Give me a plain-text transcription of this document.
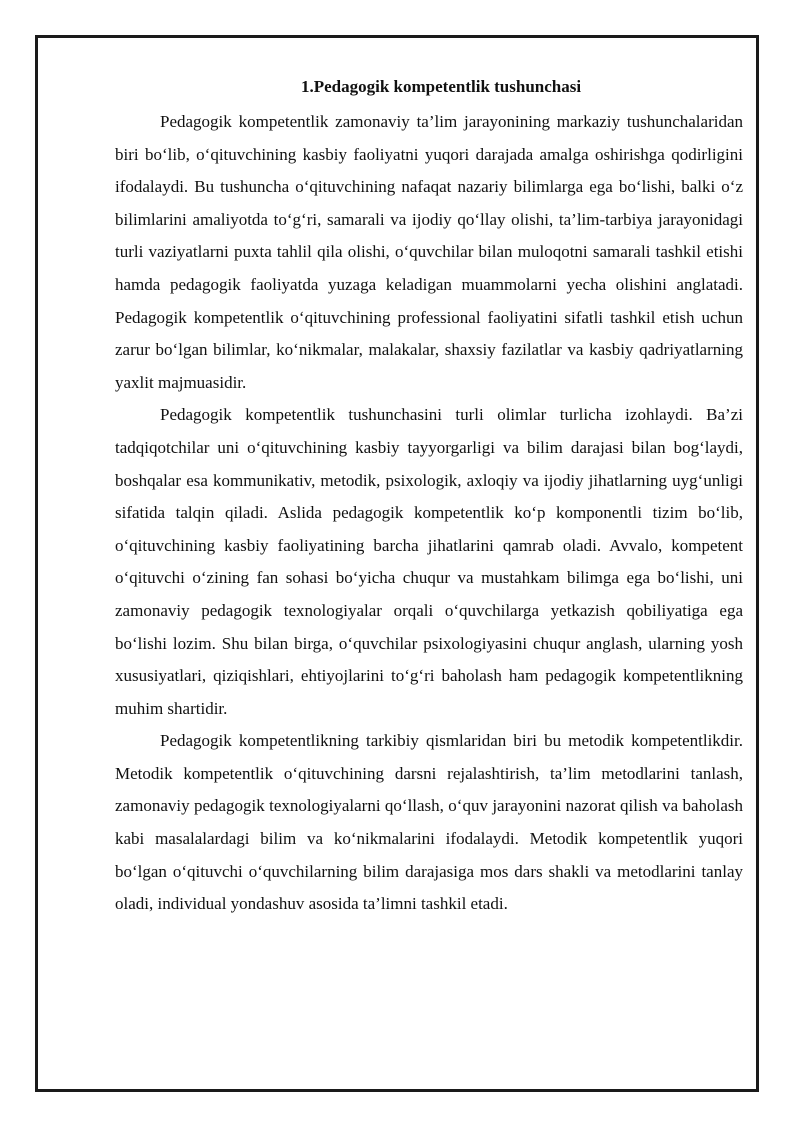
1.Pedagogik kompetentlik tushunchasi

Pedagogik kompetentlik zamonaviy ta’lim jarayonining markaziy tushunchalaridan biri boʻlib, oʻqituvchining kasbiy faoliyatni yuqori darajada amalga oshirishga qodirligini ifodalaydi. Bu tushuncha oʻqituvchining nafaqat nazariy bilimlarga ega boʻlishi, balki oʻz bilimlarini amaliyotda toʻgʻri, samarali va ijodiy qoʻllay olishi, ta’lim-tarbiya jarayonidagi turli vaziyatlarni puxta tahlil qila olishi, oʻquvchilar bilan muloqotni samarali tashkil etishi hamda pedagogik faoliyatda yuzaga keladigan muammolarni yecha olishini anglatadi. Pedagogik kompetentlik oʻqituvchining professional faoliyatini sifatli tashkil etish uchun zarur boʻlgan bilimlar, koʻnikmalar, malakalar, shaxsiy fazilatlar va kasbiy qadriyatlarning yaxlit majmuasidir.

Pedagogik kompetentlik tushunchasini turli olimlar turlicha izohlaydi. Ba’zi tadqiqotchilar uni oʻqituvchining kasbiy tayyorgarligi va bilim darajasi bilan bogʻlaydi, boshqalar esa kommunikativ, metodik, psixologik, axloqiy va ijodiy jihatlarning uygʻunligi sifatida talqin qiladi. Aslida pedagogik kompetentlik koʻp komponentli tizim boʻlib, oʻqituvchining kasbiy faoliyatining barcha jihatlarini qamrab oladi. Avvalo, kompetent oʻqituvchi oʻzining fan sohasi boʻyicha chuqur va mustahkam bilimga ega boʻlishi, uni zamonaviy pedagogik texnologiyalar orqali oʻquvchilarga yetkazish qobiliyatiga ega boʻlishi lozim. Shu bilan birga, oʻquvchilar psixologiyasini chuqur anglash, ularning yosh xususiyatlari, qiziqishlari, ehtiyojlarini toʻgʻri baholash ham pedagogik kompetentlikning muhim shartidir.

Pedagogik kompetentlikning tarkibiy qismlaridan biri bu metodik kompetentlikdir. Metodik kompetentlik oʻqituvchining darsni rejalashtirish, ta’lim metodlarini tanlash, zamonaviy pedagogik texnologiyalarni qoʻllash, oʻquv jarayonini nazorat qilish va baholash kabi masalalardagi bilim va koʻnikmalarini ifodalaydi. Metodik kompetentlik yuqori boʻlgan oʻqituvchi oʻquvchilarning bilim darajasiga mos dars shakli va metodlarini tanlay oladi, individual yondashuv asosida ta’limni tashkil etadi.
